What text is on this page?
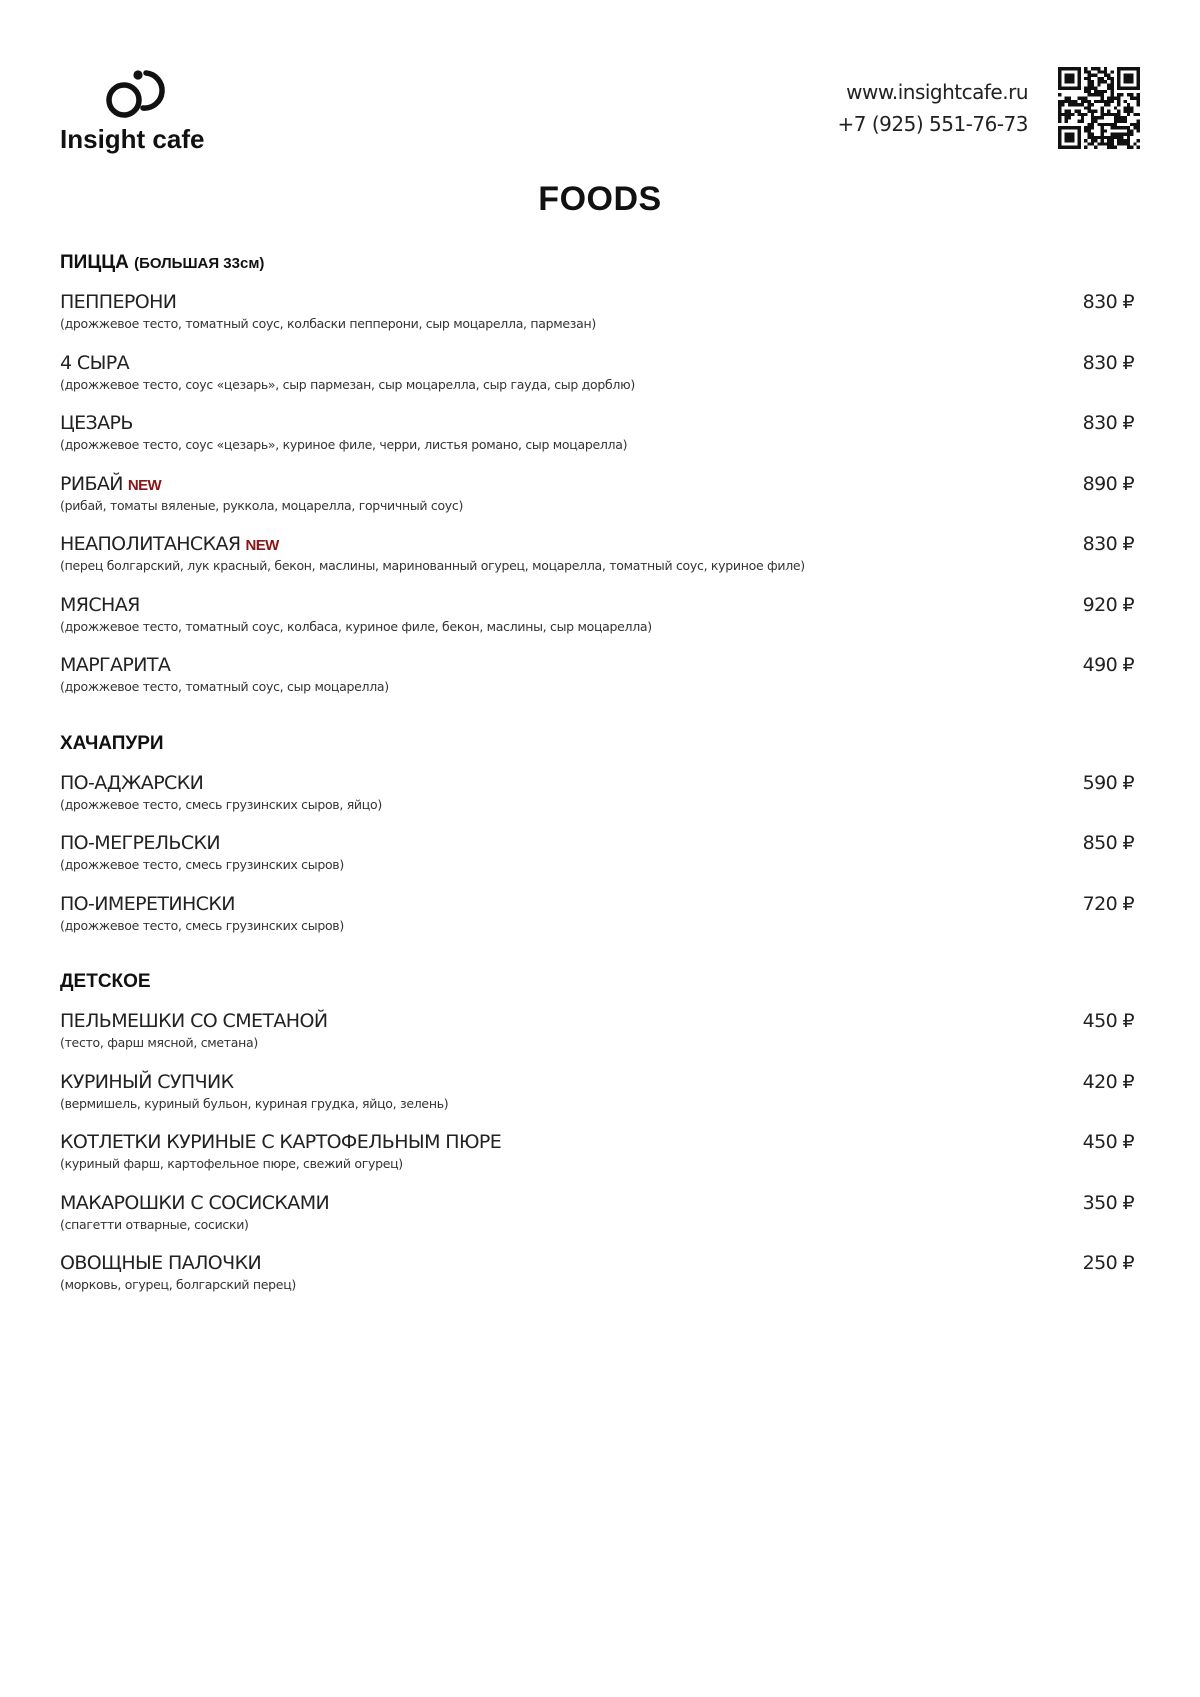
Insight cafe
www.insightcafe.ru
+7 (925) 551-76-73
FOODS
ПИЦЦА (БОЛЬШАЯ 33см)
ПЕППЕРОНИ
(дрожжевое тесто, томатный соус, колбаски пепперони, сыр моцарелла, пармезан)
830 ₽
4 СЫРА
(дрожжевое тесто, соус «цезарь», сыр пармезан, сыр моцарелла, сыр гауда, сыр дорблю)
830 ₽
ЦЕЗАРЬ
(дрожжевое тесто, соус «цезарь», куриное филе, черри, листья романо, сыр моцарелла)
830 ₽
РИБАЙ NEW
(рибай, томаты вяленые, руккола, моцарелла, горчичный соус)
890 ₽
НЕАПОЛИТАНСКАЯ NEW
(перец болгарский, лук красный, бекон, маслины, маринованный огурец, моцарелла, томатный соус, куриное филе)
830 ₽
МЯСНАЯ
(дрожжевое тесто, томатный соус, колбаса, куриное филе, бекон, маслины, сыр моцарелла)
920 ₽
МАРГАРИТА
(дрожжевое тесто, томатный соус, сыр моцарелла)
490 ₽
ХАЧАПУРИ
ПО-АДЖАРСКИ
(дрожжевое тесто, смесь грузинских сыров, яйцо)
590 ₽
ПО-МЕГРЕЛЬСКИ
(дрожжевое тесто, смесь грузинских сыров)
850 ₽
ПО-ИМЕРЕТИНСКИ
(дрожжевое тесто, смесь грузинских сыров)
720 ₽
ДЕТСКОЕ
ПЕЛЬМЕШКИ СО СМЕТАНОЙ
(тесто, фарш мясной, сметана)
450 ₽
КУРИНЫЙ СУПЧИК
(вермишель, куриный бульон, куриная грудка, яйцо, зелень)
420 ₽
КОТЛЕТКИ КУРИНЫЕ С КАРТОФЕЛЬНЫМ ПЮРЕ
(куриный фарш, картофельное пюре, свежий огурец)
450 ₽
МАКАРОШКИ С СОСИСКАМИ
(спагетти отварные, сосиски)
350 ₽
ОВОЩНЫЕ ПАЛОЧКИ
(морковь, огурец, болгарский перец)
250 ₽
